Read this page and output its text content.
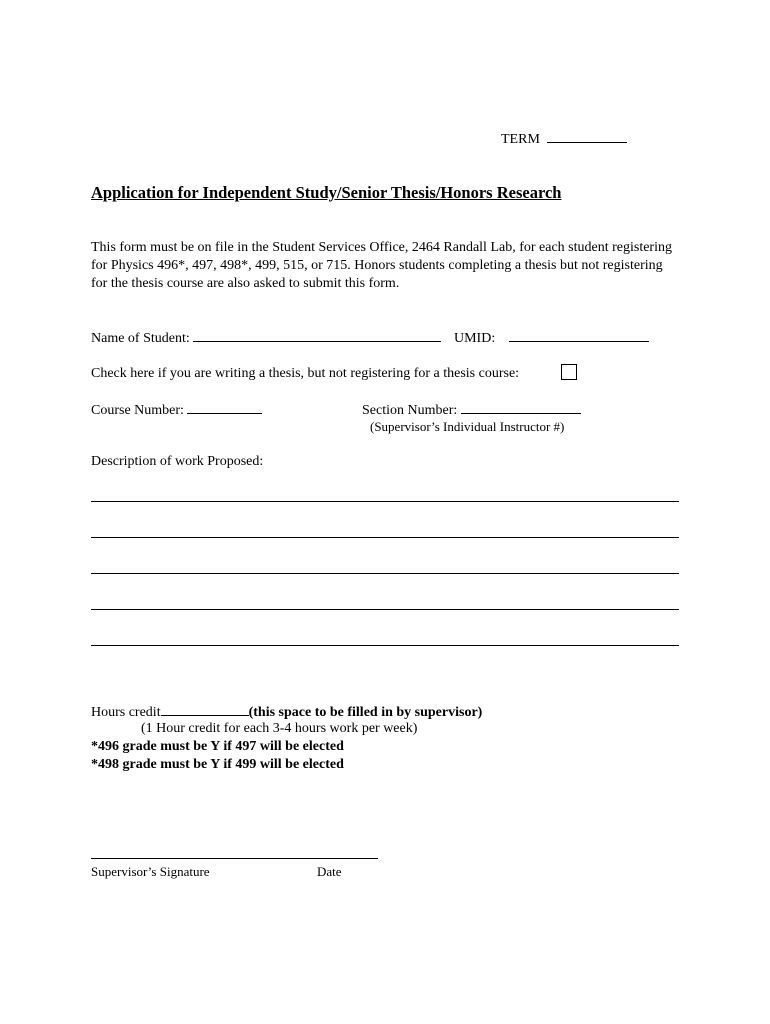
TERM
Application for Independent Study/Senior Thesis/Honors Research
This form must be on file in the Student Services Office, 2464 Randall Lab, for each student registering for Physics 496*, 497, 498*, 499, 515, or 715. Honors students completing a thesis but not registering for the thesis course are also asked to submit this form.
Name of Student:	UMID:
Check here if you are writing a thesis, but not registering for a thesis course:
Course Number:	Section Number:
(Supervisor’s Individual Instructor #)
Description of work Proposed:
Hours credit	(this space to be filled in by supervisor)
(1 Hour credit for each 3-4 hours work per week)
*496 grade must be Y if 497 will be elected
*498 grade must be Y if 499 will be elected
Supervisor’s Signature	Date
